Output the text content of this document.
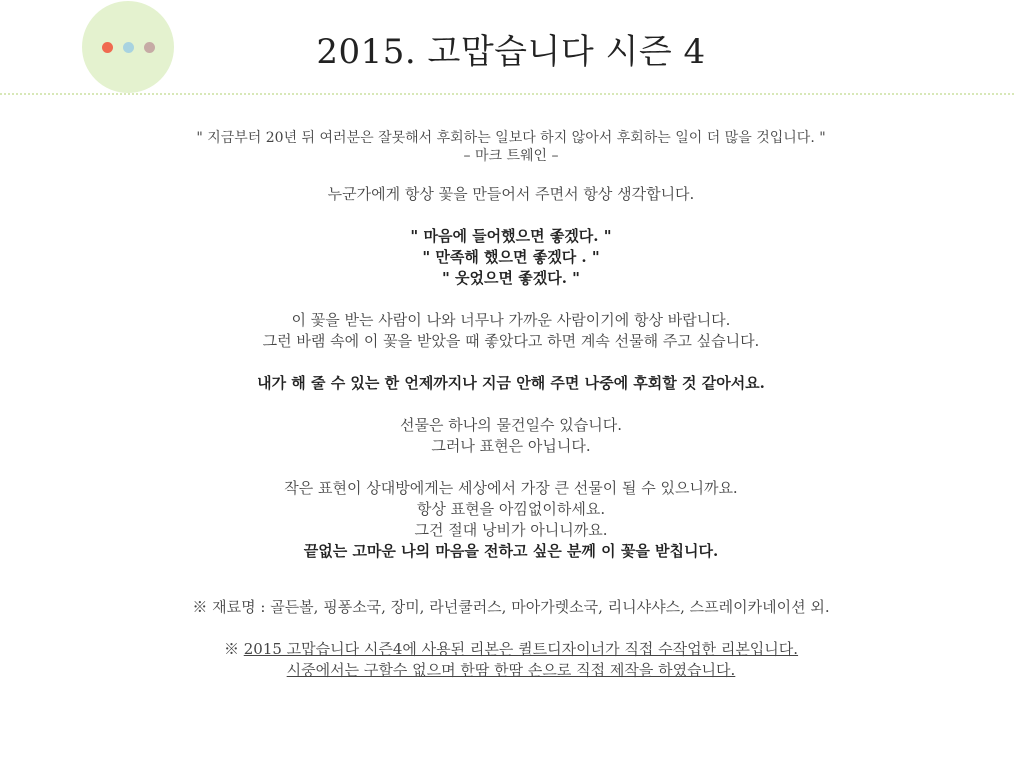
2015. 고맙습니다 시즌 4

" 지금부터 20년 뒤 여러분은 잘못해서 후회하는 일보다 하지 않아서 후회하는 일이 더 많을 것입니다. "

– 마크 트웨인 –

누군가에게 항상 꽃을 만들어서 주면서 항상 생각합니다.

" 마음에 들어했으면 좋겠다. "

" 만족해 했으면 좋겠다 . "

" 웃었으면 좋겠다. "

이 꽃을 받는 사람이 나와 너무나 가까운 사람이기에 항상 바랍니다.

그런 바램 속에 이 꽃을 받았을 때 좋았다고 하면 계속 선물해 주고 싶습니다.

내가 해 줄 수 있는 한 언제까지나 지금 안해 주면 나중에 후회할 것 같아서요.

선물은 하나의 물건일수 있습니다.

그러나 표현은 아닙니다.

작은 표현이 상대방에게는 세상에서 가장 큰 선물이 될 수 있으니까요.

항상 표현을 아낌없이하세요.

그건 절대 낭비가 아니니까요.

끝없는 고마운 나의 마음을 전하고 싶은 분께 이 꽃을 받칩니다.

※ 재료명 : 골든볼, 핑퐁소국, 장미, 라넌쿨러스, 마아가렛소국, 리니샤샤스, 스프레이카네이션 외.

※ 2015 고맙습니다 시즌4에 사용된 리본은 퀼트디자이너가 직접 수작업한 리본입니다.

시중에서는 구할수 없으며 한땀 한땀 손으로 직접 제작을 하였습니다.
